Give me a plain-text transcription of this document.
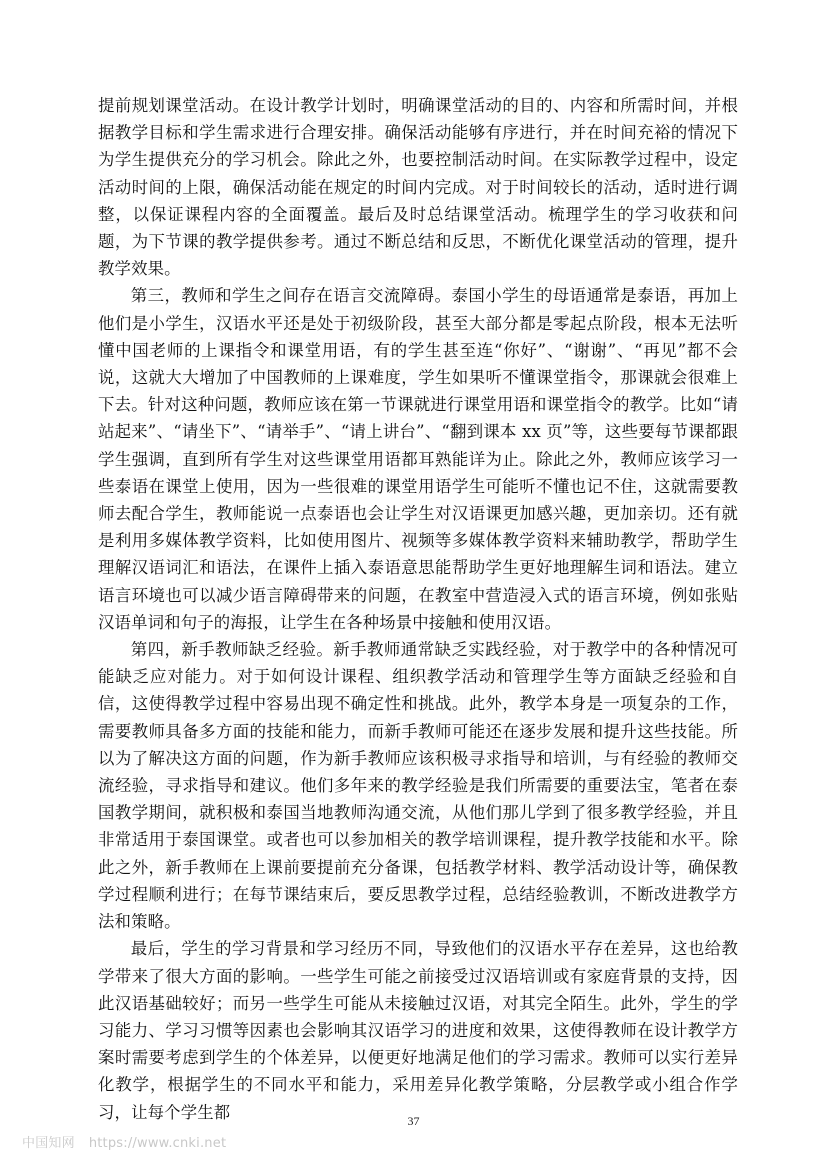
提前规划课堂活动。在设计教学计划时，明确课堂活动的目的、内容和所需时间，并根据教学目标和学生需求进行合理安排。确保活动能够有序进行，并在时间充裕的情况下为学生提供充分的学习机会。除此之外，也要控制活动时间。在实际教学过程中，设定活动时间的上限，确保活动能在规定的时间内完成。对于时间较长的活动，适时进行调整，以保证课程内容的全面覆盖。最后及时总结课堂活动。梳理学生的学习收获和问题，为下节课的教学提供参考。通过不断总结和反思，不断优化课堂活动的管理，提升教学效果。

第三，教师和学生之间存在语言交流障碍。泰国小学生的母语通常是泰语，再加上他们是小学生，汉语水平还是处于初级阶段，甚至大部分都是零起点阶段，根本无法听懂中国老师的上课指令和课堂用语，有的学生甚至连“你好”、“谢谢”、“再见”都不会说，这就大大增加了中国教师的上课难度，学生如果听不懂课堂指令，那课就会很难上下去。针对这种问题，教师应该在第一节课就进行课堂用语和课堂指令的教学。比如“请站起来”、“请坐下”、“请举手”、“请上讲台”、“翻到课本 xx 页”等，这些要每节课都跟学生强调，直到所有学生对这些课堂用语都耳熟能详为止。除此之外，教师应该学习一些泰语在课堂上使用，因为一些很难的课堂用语学生可能听不懂也记不住，这就需要教师去配合学生，教师能说一点泰语也会让学生对汉语课更加感兴趣，更加亲切。还有就是利用多媒体教学资料，比如使用图片、视频等多媒体教学资料来辅助教学，帮助学生理解汉语词汇和语法，在课件上插入泰语意思能帮助学生更好地理解生词和语法。建立语言环境也可以减少语言障碍带来的问题，在教室中营造浸入式的语言环境，例如张贴汉语单词和句子的海报，让学生在各种场景中接触和使用汉语。

第四，新手教师缺乏经验。新手教师通常缺乏实践经验，对于教学中的各种情况可能缺乏应对能力。对于如何设计课程、组织教学活动和管理学生等方面缺乏经验和自信，这使得教学过程中容易出现不确定性和挑战。此外，教学本身是一项复杂的工作，需要教师具备多方面的技能和能力，而新手教师可能还在逐步发展和提升这些技能。所以为了解决这方面的问题，作为新手教师应该积极寻求指导和培训，与有经验的教师交流经验，寻求指导和建议。他们多年来的教学经验是我们所需要的重要法宝，笔者在泰国教学期间，就积极和泰国当地教师沟通交流，从他们那儿学到了很多教学经验，并且非常适用于泰国课堂。或者也可以参加相关的教学培训课程，提升教学技能和水平。除此之外，新手教师在上课前要提前充分备课，包括教学材料、教学活动设计等，确保教学过程顺利进行；在每节课结束后，要反思教学过程，总结经验教训，不断改进教学方法和策略。

最后，学生的学习背景和学习经历不同，导致他们的汉语水平存在差异，这也给教学带来了很大方面的影响。一些学生可能之前接受过汉语培训或有家庭背景的支持，因此汉语基础较好；而另一些学生可能从未接触过汉语，对其完全陌生。此外，学生的学习能力、学习习惯等因素也会影响其汉语学习的进度和效果，这使得教师在设计教学方案时需要考虑到学生的个体差异，以便更好地满足他们的学习需求。教师可以实行差异化教学，根据学生的不同水平和能力，采用差异化教学策略，分层教学或小组合作学习，让每个学生都	37
中国知网 https://www.cnki.net
